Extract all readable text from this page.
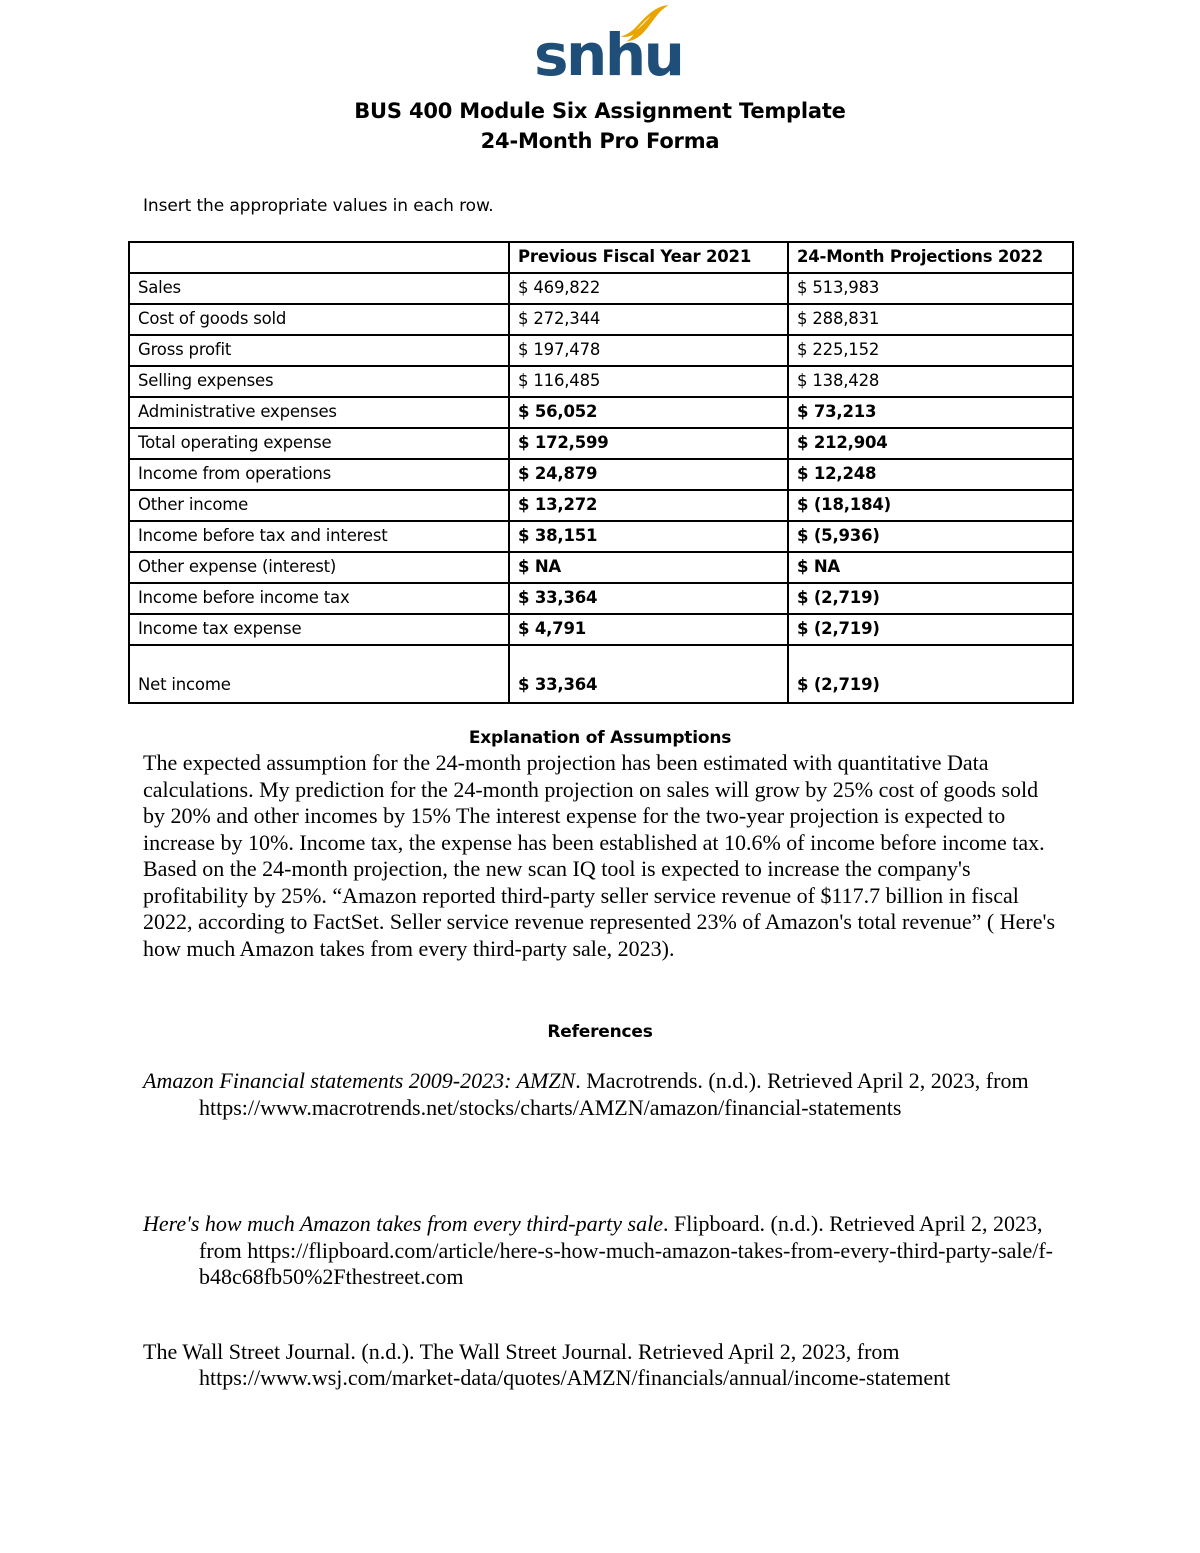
snhu
BUS 400 Module Six Assignment Template
24-Month Pro Forma
Insert the appropriate values in each row.
	Previous Fiscal Year 2021	24-Month Projections 2022
Sales	$ 469,822	$ 513,983
Cost of goods sold	$ 272,344	$ 288,831
Gross profit	$ 197,478	$ 225,152
Selling expenses	$ 116,485	$ 138,428
Administrative expenses	$ 56,052	$ 73,213
Total operating expense	$ 172,599	$ 212,904
Income from operations	$ 24,879	$ 12,248
Other income	$ 13,272	$ (18,184)
Income before tax and interest	$ 38,151	$ (5,936)
Other expense (interest)	$ NA	$ NA
Income before income tax	$ 33,364	$ (2,719)
Income tax expense	$ 4,791	$ (2,719)
Net income	$ 33,364	$ (2,719)
Explanation of Assumptions

The expected assumption for the 24-month projection has been estimated with quantitative Data calculations. My prediction for the 24-month projection on sales will grow by 25% cost of goods sold by 20% and other incomes by 15% The interest expense for the two-year projection is expected to increase by 10%. Income tax, the expense has been established at 10.6% of income before income tax. Based on the 24-month projection, the new scan IQ tool is expected to increase the company's profitability by 25%. “Amazon reported third-party seller service revenue of $117.7 billion in fiscal 2022, according to FactSet. Seller service revenue represented 23% of Amazon's total revenue” ( Here's how much Amazon takes from every third-party sale, 2023).

References

Amazon Financial statements 2009-2023: AMZN. Macrotrends. (n.d.). Retrieved April 2, 2023, from https://www.macrotrends.net/stocks/charts/AMZN/amazon/financial-statements

Here's how much Amazon takes from every third-party sale. Flipboard. (n.d.). Retrieved April 2, 2023, from https://flipboard.com/article/here-s-how-much-amazon-takes-from-every-third-party-sale/f-b48c68fb50%2Fthestreet.com

The Wall Street Journal. (n.d.). The Wall Street Journal. Retrieved April 2, 2023, from https://www.wsj.com/market-data/quotes/AMZN/financials/annual/income-statement
